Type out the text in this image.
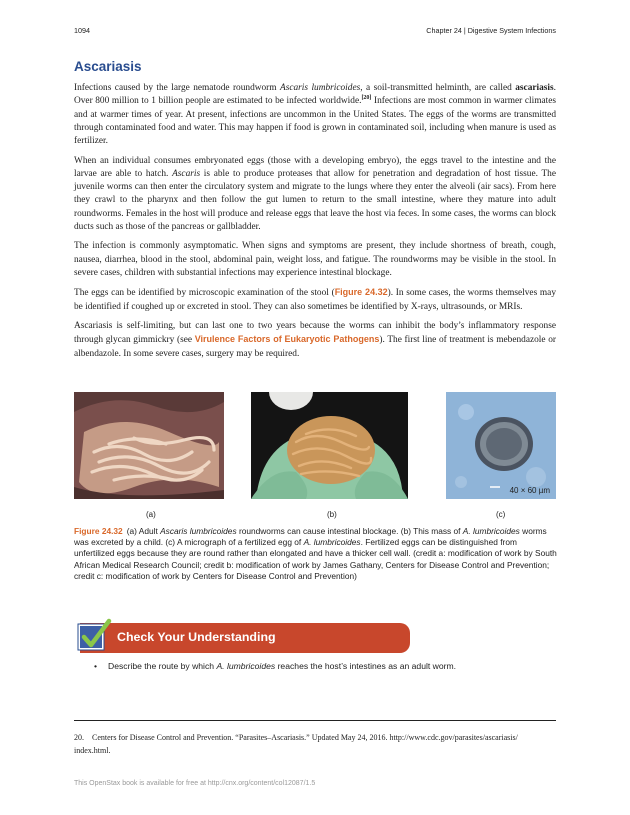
1094	Chapter 24 | Digestive System Infections
Ascariasis

Infections caused by the large nematode roundworm Ascaris lumbricoides, a soil-transmitted helminth, are called ascariasis. Over 800 million to 1 billion people are estimated to be infected worldwide.[20] Infections are most common in warmer climates and at warmer times of year. At present, infections are uncommon in the United States. The eggs of the worms are transmitted through contaminated food and water. This may happen if food is grown in contaminated soil, including when manure is used as fertilizer.

When an individual consumes embryonated eggs (those with a developing embryo), the eggs travel to the intestine and the larvae are able to hatch. Ascaris is able to produce proteases that allow for penetration and degradation of host tissue. The juvenile worms can then enter the circulatory system and migrate to the lungs where they enter the alveoli (air sacs). From here they crawl to the pharynx and then follow the gut lumen to return to the small intestine, where they mature into adult roundworms. Females in the host will produce and release eggs that leave the host via feces. In some cases, the worms can block ducts such as those of the pancreas or gallbladder.

The infection is commonly asymptomatic. When signs and symptoms are present, they include shortness of breath, cough, nausea, diarrhea, blood in the stool, abdominal pain, weight loss, and fatigue. The roundworms may be visible in the stool. In severe cases, children with substantial infections may experience intestinal blockage.

The eggs can be identified by microscopic examination of the stool (Figure 24.32). In some cases, the worms themselves may be identified if coughed up or excreted in stool. They can also sometimes be identified by X-rays, ultrasounds, or MRIs.

Ascariasis is self-limiting, but can last one to two years because the worms can inhibit the body’s inflammatory response through glycan gimmickry (see Virulence Factors of Eukaryotic Pathogens). The first line of treatment is mebendazole or albendazole. In some severe cases, surgery may be required.

40 × 60 µm
(a)	(b)	(c)
Figure 24.32 (a) Adult Ascaris lumbricoides roundworms can cause intestinal blockage. (b) This mass of A. lumbricoides worms was excreted by a child. (c) A micrograph of a fertilized egg of A. lumbricoides. Fertilized eggs can be distinguished from unfertilized eggs because they are round rather than elongated and have a thicker cell wall. (credit a: modification of work by South African Medical Research Council; credit b: modification of work by James Gathany, Centers for Disease Control and Prevention; credit c: modification of work by Centers for Disease Control and Prevention)
Check Your Understanding
• Describe the route by which A. lumbricoides reaches the host’s intestines as an adult worm.
20. Centers for Disease Control and Prevention. “Parasites–Ascariasis.” Updated May 24, 2016. http://www.cdc.gov/parasites/ascariasis/ index.html.
This OpenStax book is available for free at http://cnx.org/content/col12087/1.5
